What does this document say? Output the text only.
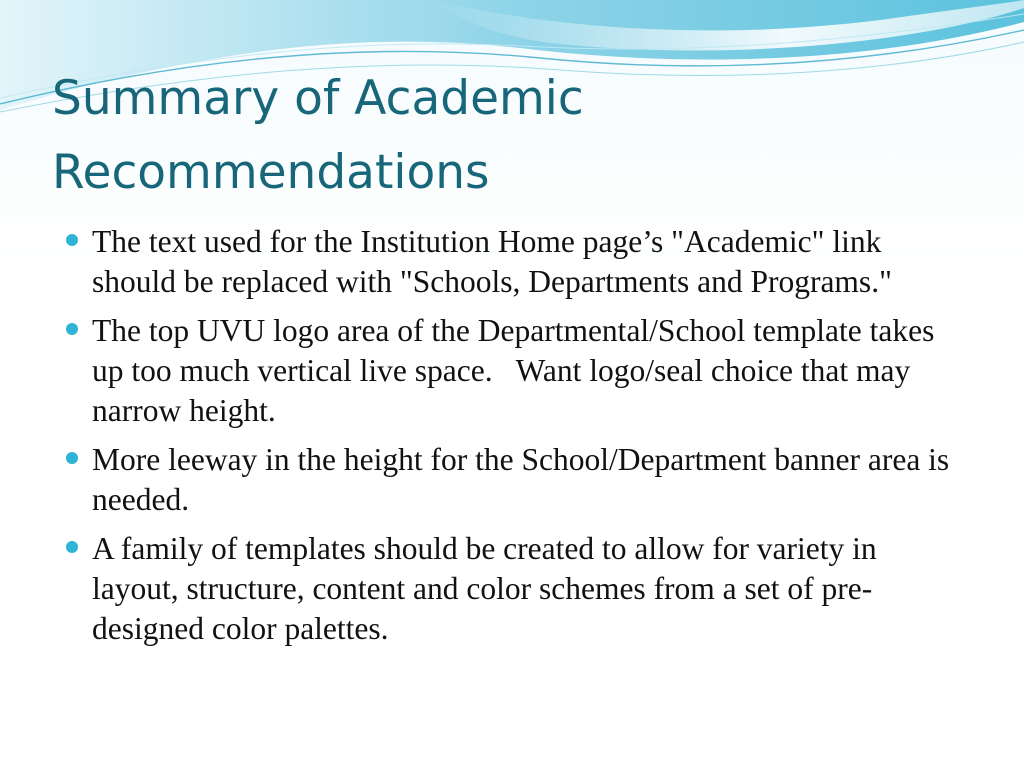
Summary of Academic
Recommendations
The text used for the Institution Home page’s "Academic" link should be replaced with "Schools, Departments and Programs."
The top UVU logo area of the Departmental/School template takes up too much vertical live space.   Want logo/seal choice that may narrow height.
More leeway in the height for the School/Department banner area is needed.
A family of templates should be created to allow for variety in layout, structure, content and color schemes from a set of pre-designed color palettes.
